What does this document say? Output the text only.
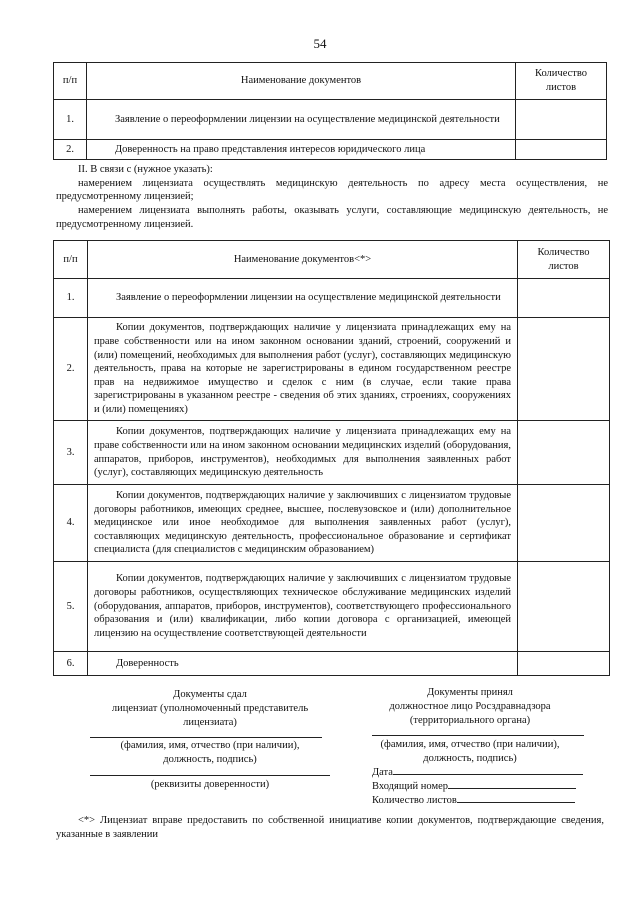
54
п/п	Наименование документов	Количество листов
1.	Заявление о переоформлении лицензии на осуществление медицинской деятельности	

2.	Доверенность на право представления интересов юридического лица	

II. В связи с (нужное указать):

намерением лицензиата осуществлять медицинскую деятельность по адресу места осуществления, не предусмотренному лицензией;

намерением лицензиата выполнять работы, оказывать услуги, составляющие медицинскую деятельность, не предусмотренному лицензией.

п/п	Наименование документов<*>	Количество листов
1.	Заявление о переоформлении лицензии на осуществление медицинской деятельности	

2.	Копии документов, подтверждающих наличие у лицензиата принадлежащих ему на праве собственности или на ином законном основании зданий, строений, сооружений и (или) помещений, необходимых для выполнения работ (услуг), составляющих медицинскую деятельность, права на которые не зарегистрированы в едином государственном реестре прав на недвижимое имущество и сделок с ним (в случае, если такие права зарегистрированы в указанном реестре - сведения об этих зданиях, строениях, сооружениях и (или) помещениях)	

3.	Копии документов, подтверждающих наличие у лицензиата принадлежащих ему на праве собственности или на ином законном основании медицинских изделий (оборудования, аппаратов, приборов, инструментов), необходимых для выполнения заявленных работ (услуг), составляющих медицинскую деятельность	

4.	Копии документов, подтверждающих наличие у заключивших с лицензиатом трудовые договоры работников, имеющих среднее, высшее, послевузовское и (или) дополнительное медицинское или иное необходимое для выполнения заявленных работ (услуг), составляющих медицинскую деятельность, профессиональное образование и сертификат специалиста (для специалистов с медицинским образованием)	

5.	Копии документов, подтверждающих наличие у заключивших с лицензиатом трудовые договоры работников, осуществляющих техническое обслуживание медицинских изделий (оборудования, аппаратов, приборов, инструментов), соответствующего профессионального образования и (или) квалификации, либо копии договора с организацией, имеющей лицензию на осуществление соответствующей деятельности	

6.	Доверенность	

Документы сдал
лицензиат (уполномоченный представитель
лицензиата)
(фамилия, имя, отчество (при наличии),
должность, подпись)
(реквизиты доверенности)
Документы принял
должностное лицо Росздравнадзора
(территориального органа)
(фамилия, имя, отчество (при наличии),
должность, подпись)
Дата
Входящий номер
Количество листов

<*> Лицензиат вправе предоставить по собственной инициативе копии документов, подтверждающие сведения, указанные в заявлении
